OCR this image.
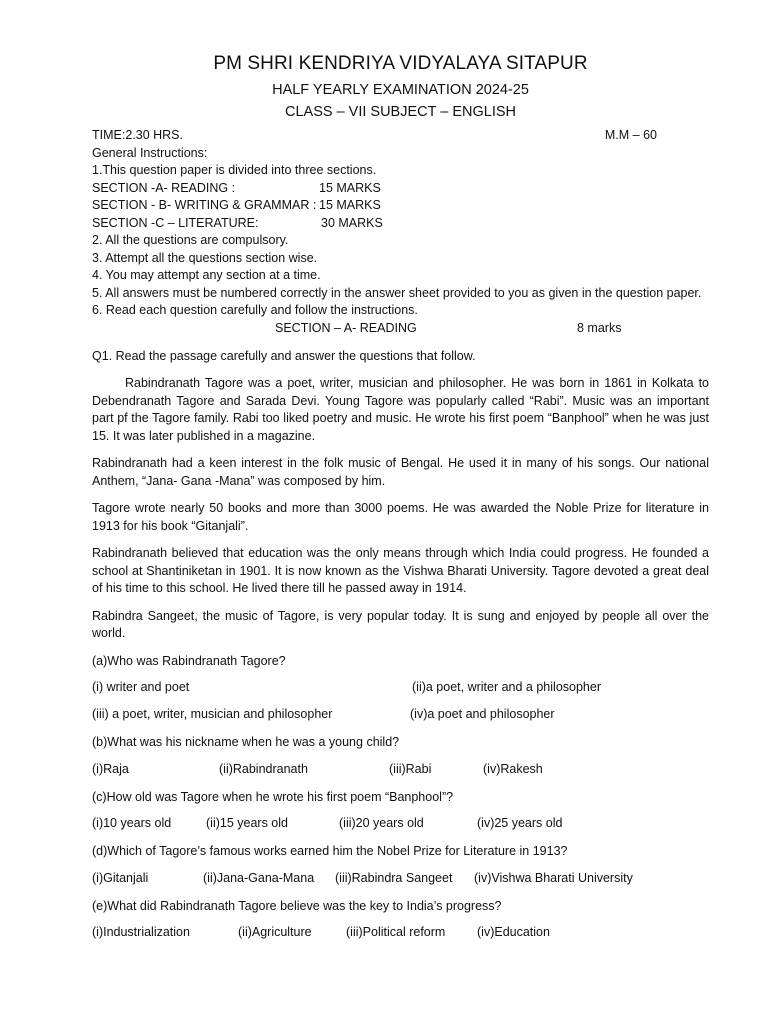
PM SHRI KENDRIYA VIDYALAYA SITAPUR
HALF YEARLY EXAMINATION 2024-25
CLASS – VII SUBJECT – ENGLISH
TIME:2.30 HRS.	M.M – 60
General Instructions:
1.This question paper is divided into three sections.
SECTION -A- READING :	15 MARKS
SECTION - B- WRITING & GRAMMAR : 15 MARKS
SECTION -C – LITERATURE:	30 MARKS
2. All the questions are compulsory.
3. Attempt all the questions section wise.
4. You may attempt any section at a time.
5. All answers must be numbered correctly in the answer sheet provided to you as given in the question paper.
6. Read each question carefully and follow the instructions.
SECTION – A- READING	8 marks
Q1. Read the passage carefully and answer the questions that follow.
Rabindranath Tagore was a poet, writer, musician and philosopher. He was born in 1861 in Kolkata to Debendranath Tagore and Sarada Devi. Young Tagore was popularly called “Rabi”. Music was an important part pf the Tagore family. Rabi too liked poetry and music. He wrote his first poem “Banphool” when he was just 15. It was later published in a magazine.
Rabindranath had a keen interest in the folk music of Bengal. He used it in many of his songs. Our national Anthem, “Jana- Gana -Mana” was composed by him.
Tagore wrote nearly 50 books and more than 3000 poems. He was awarded the Noble Prize for literature in 1913 for his book “Gitanjali”.
Rabindranath believed that education was the only means through which India could progress. He founded a school at Shantiniketan in 1901. It is now known as the Vishwa Bharati University. Tagore devoted a great deal of his time to this school. He lived there till he passed away in 1914.
Rabindra Sangeet, the music of Tagore, is very popular today. It is sung and enjoyed by people all over the world.
(a)Who was Rabindranath Tagore?
(i) writer and poet	(ii)a poet, writer and a philosopher
(iii) a poet, writer, musician and philosopher	(iv)a poet and philosopher
(b)What was his nickname when he was a young child?
(i)Raja	(ii)Rabindranath	(iii)Rabi	(iv)Rakesh
(c)How old was Tagore when he wrote his first poem “Banphool”?
(i)10 years old	(ii)15 years old	(iii)20 years old	(iv)25 years old
(d)Which of Tagore’s famous works earned him the Nobel Prize for Literature in 1913?
(i)Gitanjali	(ii)Jana-Gana-Mana	(iii)Rabindra Sangeet	(iv)Vishwa Bharati University
(e)What did Rabindranath Tagore believe was the key to India’s progress?
(i)Industrialization	(ii)Agriculture	(iii)Political reform	(iv)Education
